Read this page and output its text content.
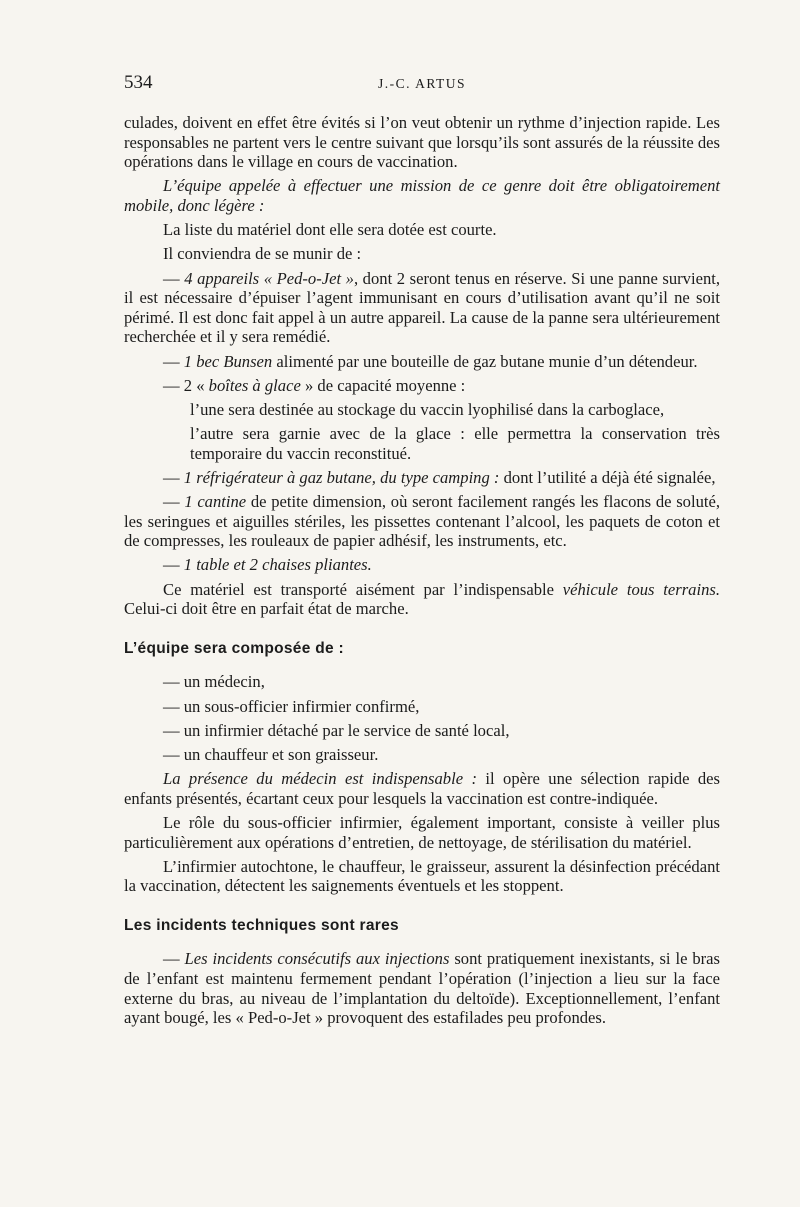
534	J.-C. ARTUS

culades, doivent en effet être évités si l’on veut obtenir un rythme d’injection rapide. Les responsables ne partent vers le centre suivant que lorsqu’ils sont assurés de la réussite des opérations dans le village en cours de vaccination.

L’équipe appelée à effectuer une mission de ce genre doit être obligatoirement mobile, donc légère :

La liste du matériel dont elle sera dotée est courte.

Il conviendra de se munir de :

— 4 appareils « Ped-o-Jet », dont 2 seront tenus en réserve. Si une panne survient, il est nécessaire d’épuiser l’agent immunisant en cours d’utilisation avant qu’il ne soit périmé. Il est donc fait appel à un autre appareil. La cause de la panne sera ultérieurement recherchée et il y sera remédié.

— 1 bec Bunsen alimenté par une bouteille de gaz butane munie d’un détendeur.

— 2 « boîtes à glace » de capacité moyenne :

l’une sera destinée au stockage du vaccin lyophilisé dans la carboglace,

l’autre sera garnie avec de la glace : elle permettra la conservation très temporaire du vaccin reconstitué.

— 1 réfrigérateur à gaz butane, du type camping : dont l’utilité a déjà été signalée,

— 1 cantine de petite dimension, où seront facilement rangés les flacons de soluté, les seringues et aiguilles stériles, les pissettes contenant l’alcool, les paquets de coton et de compresses, les rouleaux de papier adhésif, les instruments, etc.

— 1 table et 2 chaises pliantes.

Ce matériel est transporté aisément par l’indispensable véhicule tous terrains. Celui-ci doit être en parfait état de marche.

L’équipe sera composée de :

— un médecin,

— un sous-officier infirmier confirmé,

— un infirmier détaché par le service de santé local,

— un chauffeur et son graisseur.

La présence du médecin est indispensable : il opère une sélection rapide des enfants présentés, écartant ceux pour lesquels la vaccination est contre-indiquée.

Le rôle du sous-officier infirmier, également important, consiste à veiller plus particulièrement aux opérations d’entretien, de nettoyage, de stérilisation du matériel.

L’infirmier autochtone, le chauffeur, le graisseur, assurent la désinfection précédant la vaccination, détectent les saignements éventuels et les stoppent.

Les incidents techniques sont rares

— Les incidents consécutifs aux injections sont pratiquement inexistants, si le bras de l’enfant est maintenu fermement pendant l’opération (l’injection a lieu sur la face externe du bras, au niveau de l’implantation du deltoïde). Exceptionnellement, l’enfant ayant bougé, les « Ped-o-Jet » provoquent des estafilades peu profondes.
